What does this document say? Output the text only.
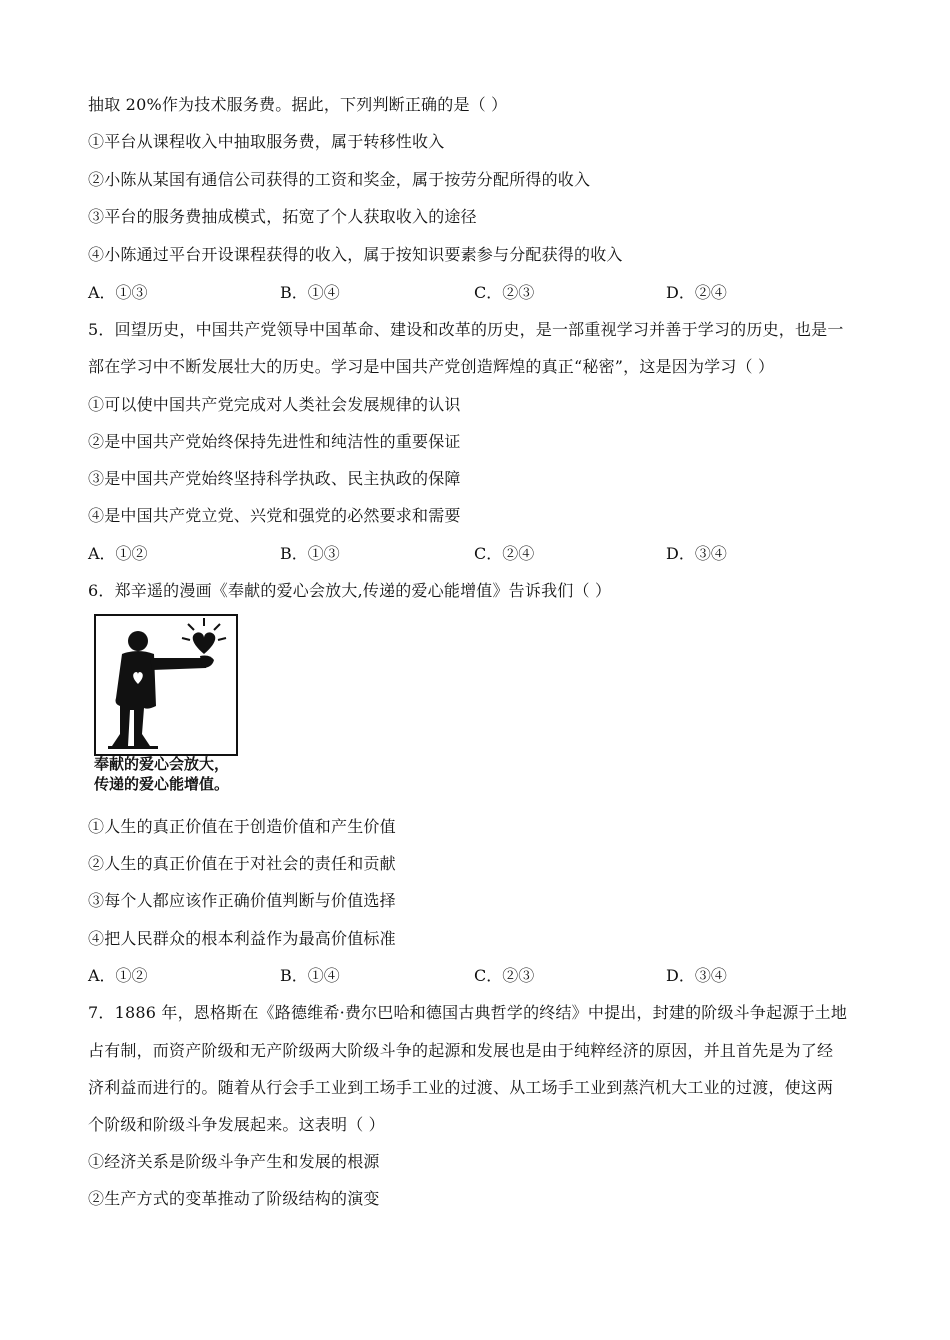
抽取 20%作为技术服务费。据此，下列判断正确的是（ ）
①平台从课程收入中抽取服务费，属于转移性收入
②小陈从某国有通信公司获得的工资和奖金，属于按劳分配所得的收入
③平台的服务费抽成模式，拓宽了个人获取收入的途径
④小陈通过平台开设课程获得的收入，属于按知识要素参与分配获得的收入
A．①③	B．①④	C．②③	D．②④
5．回望历史，中国共产党领导中国革命、建设和改革的历史，是一部重视学习并善于学习的历史，也是一
部在学习中不断发展壮大的历史。学习是中国共产党创造辉煌的真正“秘密”，这是因为学习（ ）
①可以使中国共产党完成对人类社会发展规律的认识
②是中国共产党始终保持先进性和纯洁性的重要保证
③是中国共产党始终坚持科学执政、民主执政的保障
④是中国共产党立党、兴党和强党的必然要求和需要
A．①②	B．①③	C．②④	D．③④
6．郑辛遥的漫画《奉献的爱心会放大,传递的爱心能增值》告诉我们（ ）
奉献的爱心会放大，
传递的爱心能增值。
①人生的真正价值在于创造价值和产生价值
②人生的真正价值在于对社会的责任和贡献
③每个人都应该作正确价值判断与价值选择
④把人民群众的根本利益作为最高价值标准
A．①②	B．①④	C．②③	D．③④
7．1886 年，恩格斯在《路德维希·费尔巴哈和德国古典哲学的终结》中提出，封建的阶级斗争起源于土地
占有制，而资产阶级和无产阶级两大阶级斗争的起源和发展也是由于纯粹经济的原因，并且首先是为了经
济利益而进行的。随着从行会手工业到工场手工业的过渡、从工场手工业到蒸汽机大工业的过渡，使这两
个阶级和阶级斗争发展起来。这表明（ ）
①经济关系是阶级斗争产生和发展的根源
②生产方式的变革推动了阶级结构的演变
